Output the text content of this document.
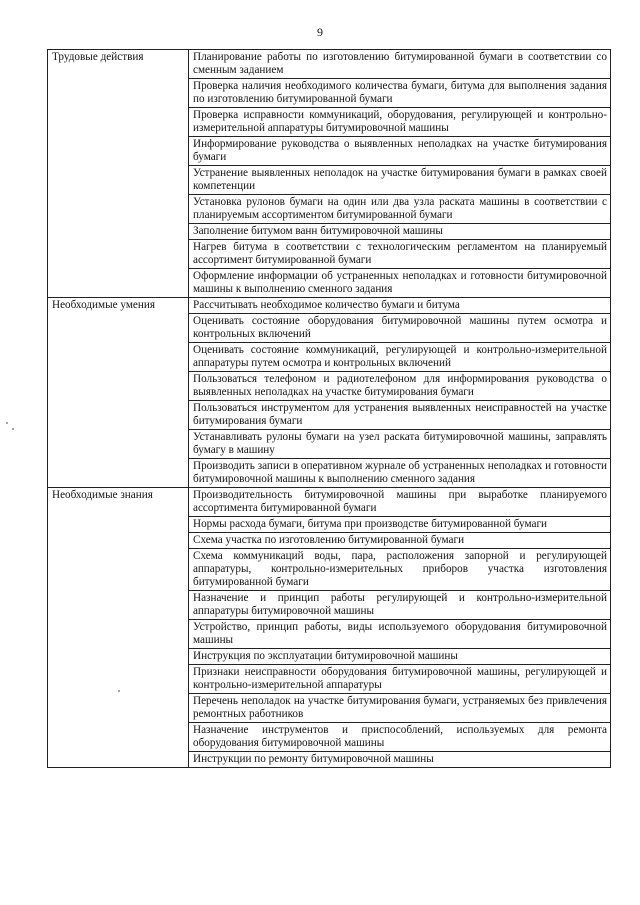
9
Трудовые действия	Планирование работы по изготовлению битумированной бумаги в соответствии со сменным заданием
	Проверка наличия необходимого количества бумаги, битума для выполнения задания по изготовлению битумированной бумаги
	Проверка исправности коммуникаций, оборудования, регулирующей и контрольно-измерительной аппаратуры битумировочной машины
	Информирование руководства о выявленных неполадках на участке битумирования бумаги
	Устранение выявленных неполадок на участке битумирования бумаги в рамках своей компетенции
	Установка рулонов бумаги на один или два узла раската машины в соответствии с планируемым ассортиментом битумированной бумаги
	Заполнение битумом ванн битумировочной машины
	Нагрев битума в соответствии с технологическим регламентом на планируемый ассортимент битумированной бумаги
	Оформление информации об устраненных неполадках и готовности битумировочной машины к выполнению сменного задания
Необходимые умения	Рассчитывать необходимое количество бумаги и битума
	Оценивать состояние оборудования битумировочной машины путем осмотра и контрольных включений
	Оценивать состояние коммуникаций, регулирующей и контрольно-измерительной аппаратуры путем осмотра и контрольных включений
	Пользоваться телефоном и радиотелефоном для информирования руководства о выявленных неполадках на участке битумирования бумаги
	Пользоваться инструментом для устранения выявленных неисправностей на участке битумирования бумаги
	Устанавливать рулоны бумаги на узел раската битумировочной машины, заправлять бумагу в машину
	Производить записи в оперативном журнале об устраненных неполадках и готовности битумировочной машины к выполнению сменного задания
Необходимые знания	Производительность битумировочной машины при выработке планируемого ассортимента битумированной бумаги
	Нормы расхода бумаги, битума при производстве битумированной бумаги
	Схема участка по изготовлению битумированной бумаги
	Схема коммуникаций воды, пара, расположения запорной и регулирующей аппаратуры, контрольно-измерительных приборов участка изготовления битумированной бумаги
	Назначение и принцип работы регулирующей и контрольно-измерительной аппаратуры битумировочной машины
	Устройство, принцип работы, виды используемого оборудования битумировочной машины
	Инструкция по эксплуатации битумировочной машины
	Признаки неисправности оборудования битумировочной машины, регулирующей и контрольно-измерительной аппаратуры
	Перечень неполадок на участке битумирования бумаги, устраняемых без привлечения ремонтных работников
	Назначение инструментов и приспособлений, используемых для ремонта оборудования битумировочной машины
	Инструкции по ремонту битумировочной машины
